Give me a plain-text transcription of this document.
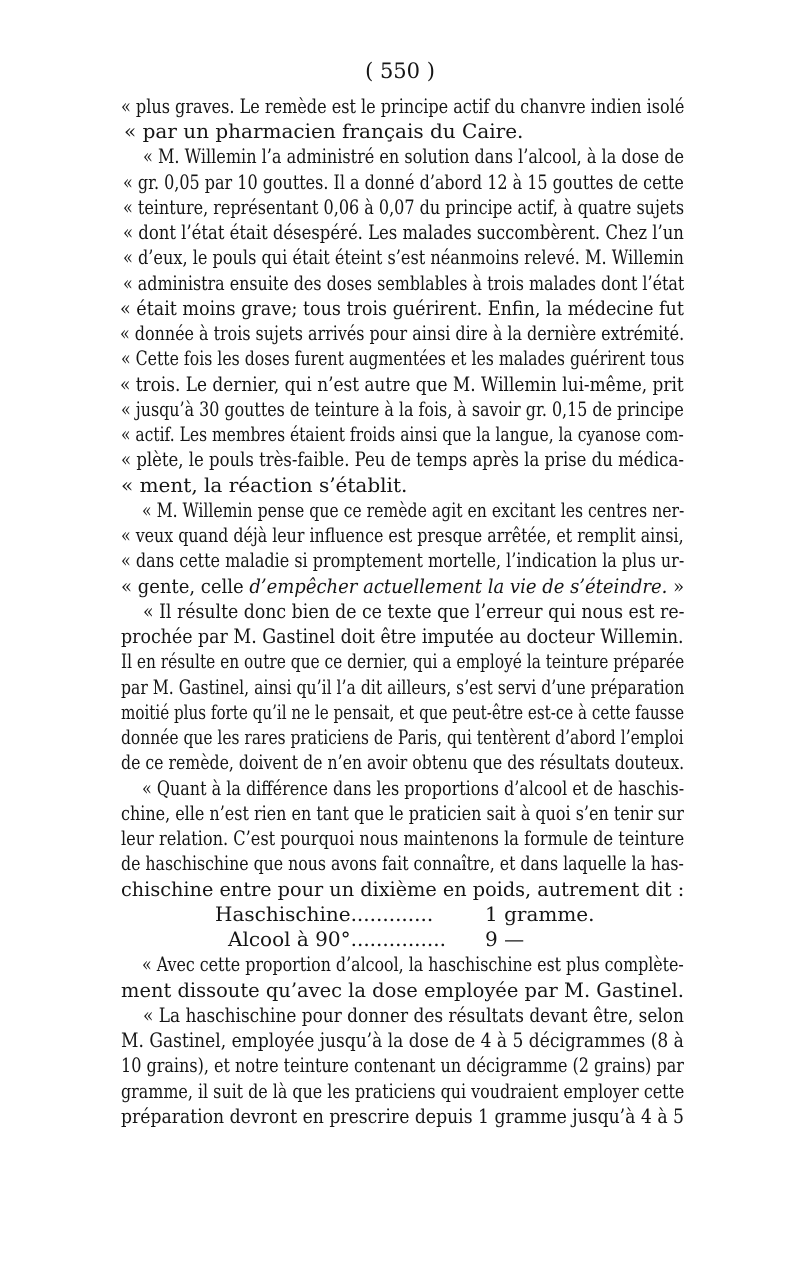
( 550 )
« plus graves. Le remède est le principe actif du chanvre indien isolé
« par un pharmacien français du Caire.
« M. Willemin l’a administré en solution dans l’alcool, à la dose de
« gr. 0,05 par 10 gouttes. Il a donné d’abord 12 à 15 gouttes de cette
« teinture, représentant 0,06 à 0,07 du principe actif, à quatre sujets
« dont l’état était désespéré. Les malades succombèrent. Chez l’un
« d’eux, le pouls qui était éteint s’est néanmoins relevé. M. Willemin
« administra ensuite des doses semblables à trois malades dont l’état
« était moins grave; tous trois guérirent. Enfin, la médecine fut
« donnée à trois sujets arrivés pour ainsi dire à la dernière extrémité.
« Cette fois les doses furent augmentées et les malades guérirent tous
« trois. Le dernier, qui n’est autre que M. Willemin lui-même, prit
« jusqu’à 30 gouttes de teinture à la fois, à savoir gr. 0,15 de principe
« actif. Les membres étaient froids ainsi que la langue, la cyanose com-
« plète, le pouls très-faible. Peu de temps après la prise du médica-
« ment, la réaction s’établit.
« M. Willemin pense que ce remède agit en excitant les centres ner-
« veux quand déjà leur influence est presque arrêtée, et remplit ainsi,
« dans cette maladie si promptement mortelle, l’indication la plus ur-
« gente, celle d’empêcher actuellement la vie de s’éteindre. »
« Il résulte donc bien de ce texte que l’erreur qui nous est re-
prochée par M. Gastinel doit être imputée au docteur Willemin.
Il en résulte en outre que ce dernier, qui a employé la teinture préparée
par M. Gastinel, ainsi qu’il l’a dit ailleurs, s’est servi d’une préparation
moitié plus forte qu’il ne le pensait, et que peut-être est-ce à cette fausse
donnée que les rares praticiens de Paris, qui tentèrent d’abord l’emploi
de ce remède, doivent de n’en avoir obtenu que des résultats douteux.
« Quant à la différence dans les proportions d’alcool et de haschis-
chine, elle n’est rien en tant que le praticien sait à quoi s’en tenir sur
leur relation. C’est pourquoi nous maintenons la formule de teinture
de haschischine que nous avons fait connaître, et dans laquelle la has-
chischine entre pour un dixième en poids, autrement dit :
Haschischine.............	1 gramme.
Alcool à 90°............... 9 —
« Avec cette proportion d’alcool, la haschischine est plus complète-
ment dissoute qu’avec la dose employée par M. Gastinel.
« La haschischine pour donner des résultats devant être, selon
M. Gastinel, employée jusqu’à la dose de 4 à 5 décigrammes (8 à
10 grains), et notre teinture contenant un décigramme (2 grains) par
gramme, il suit de là que les praticiens qui voudraient employer cette
préparation devront en prescrire depuis 1 gramme jusqu’à 4 à 5
